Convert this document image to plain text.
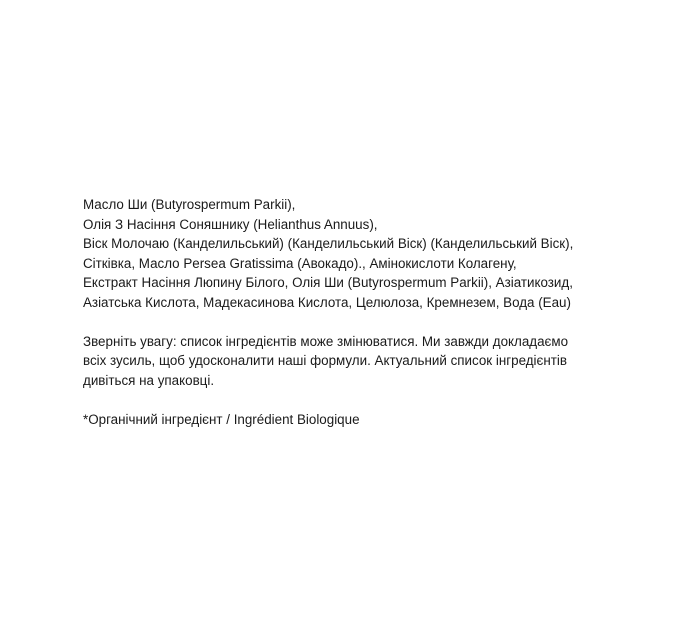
Масло Ши (Butyrospermum Parkii),
Олія З Насіння Соняшнику (Helianthus Annuus),
Віск Молочаю (Канделильський) (Канделильський Віск) (Канделильський Віск),
Сітківка, Масло Persea Gratissima (Авокадо)., Амінокислоти Колагену,
Екстракт Насіння Люпину Білого, Олія Ши (Butyrospermum Parkii), Азіатикозид,
Азіатська Кислота, Мадекасинова Кислота, Целюлоза, Кремнезем, Вода (Eau)
Зверніть увагу: список інгредієнтів може змінюватися. Ми завжди докладаємо
всіх зусиль, щоб удосконалити наші формули. Актуальний список інгредієнтів
дивіться на упаковці.
*Органічний інгредієнт / Ingrédient Biologique
